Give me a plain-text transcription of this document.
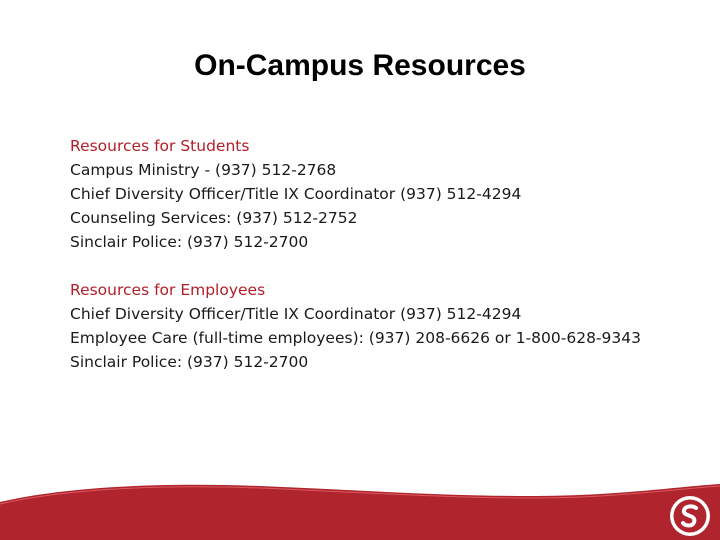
On-Campus Resources
Resources for Students
Campus Ministry - (937) 512-2768
Chief Diversity Officer/Title IX Coordinator (937) 512-4294
Counseling Services: (937) 512-2752
Sinclair Police: (937) 512-2700
Resources for Employees
Chief Diversity Officer/Title IX Coordinator (937) 512-4294
Employee Care (full-time employees): (937) 208-6626 or 1-800-628-9343
Sinclair Police: (937) 512-2700
